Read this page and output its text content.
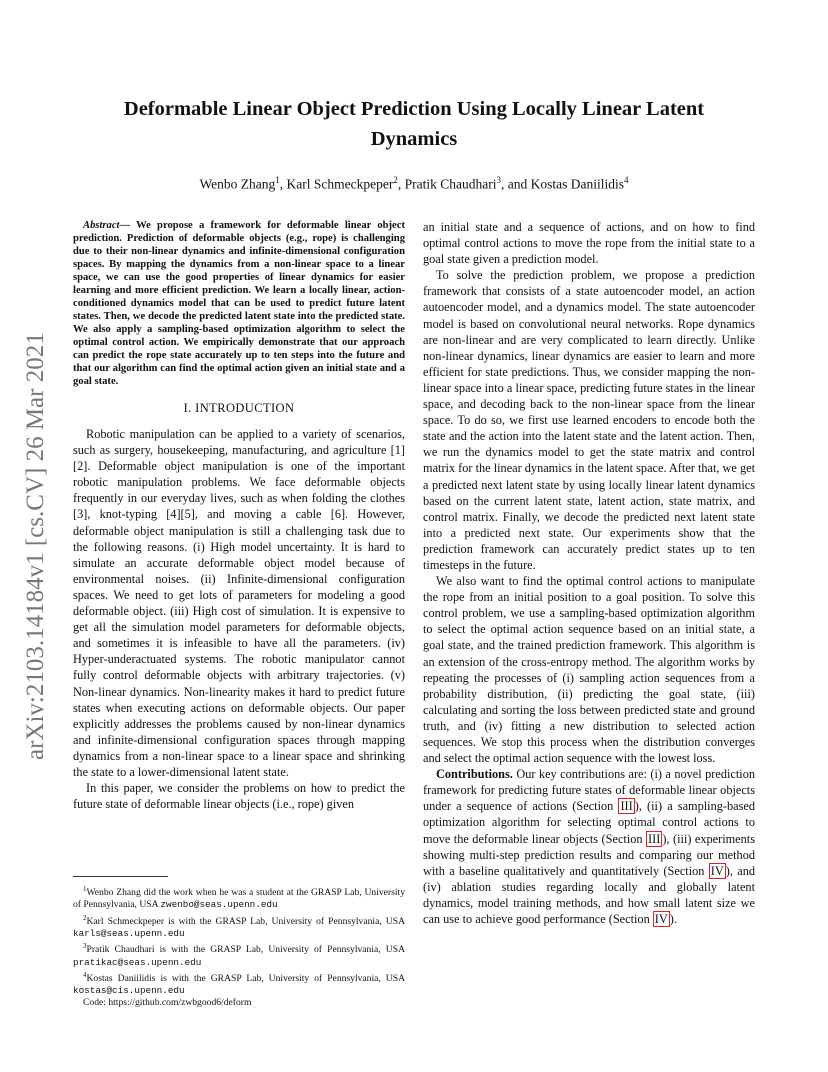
Deformable Linear Object Prediction Using Locally Linear Latent Dynamics
Wenbo Zhang$^1$, Karl Schmeckpeper$^2$, Pratik Chaudhari$^3$, and Kostas Daniilidis$^4$
arXiv:2103.14184v1 [cs.CV] 26 Mar 2021

Abstract— We propose a framework for deformable linear object prediction. Prediction of deformable objects (e.g., rope) is challenging due to their non-linear dynamics and infinite-dimensional configuration spaces. By mapping the dynamics from a non-linear space to a linear space, we can use the good properties of linear dynamics for easier learning and more efficient prediction. We learn a locally linear, action-conditioned dynamics model that can be used to predict future latent states. Then, we decode the predicted latent state into the predicted state. We also apply a sampling-based optimization algorithm to select the optimal control action. We empirically demonstrate that our approach can predict the rope state accurately up to ten steps into the future and that our algorithm can find the optimal action given an initial state and a goal state.

I. INTRODUCTION

Robotic manipulation can be applied to a variety of scenarios, such as surgery, housekeeping, manufacturing, and agriculture [1][2]. Deformable object manipulation is one of the important robotic manipulation problems. We face deformable objects frequently in our everyday lives, such as when folding the clothes [3], knot-typing [4][5], and moving a cable [6]. However, deformable object manipulation is still a challenging task due to the following reasons. (i) High model uncertainty. It is hard to simulate an accurate deformable object model because of environmental noises. (ii) Infinite-dimensional configuration spaces. We need to get lots of parameters for modeling a good deformable object. (iii) High cost of simulation. It is expensive to get all the simulation model parameters for deformable objects, and sometimes it is infeasible to have all the parameters. (iv) Hyper-underactuated systems. The robotic manipulator cannot fully control deformable objects with arbitrary trajectories. (v) Non-linear dynamics. Non-linearity makes it hard to predict future states when executing actions on deformable objects. Our paper explicitly addresses the problems caused by non-linear dynamics and infinite-dimensional configuration spaces through mapping dynamics from a non-linear space to a linear space and shrinking the state to a lower-dimensional latent state.

In this paper, we consider the problems on how to predict the future state of deformable linear objects (i.e., rope) given

$^1$Wenbo Zhang did the work when he was a student at the GRASP Lab, University of Pennsylvania, USA zwenbo@seas.upenn.edu

$^2$Karl Schmeckpeper is with the GRASP Lab, University of Pennsylvania, USA karls@seas.upenn.edu

$^3$Pratik Chaudhari is with the GRASP Lab, University of Pennsylvania, USA pratikac@seas.upenn.edu

$^4$Kostas Daniilidis is with the GRASP Lab, University of Pennsylvania, USA kostas@cis.upenn.edu

Code: https://github.com/zwbgood6/deform

an initial state and a sequence of actions, and on how to find optimal control actions to move the rope from the initial state to a goal state given a prediction model.

To solve the prediction problem, we propose a prediction framework that consists of a state autoencoder model, an action autoencoder model, and a dynamics model. The state autoencoder model is based on convolutional neural networks. Rope dynamics are non-linear and are very complicated to learn directly. Unlike non-linear dynamics, linear dynamics are easier to learn and more efficient for state predictions. Thus, we consider mapping the non-linear space into a linear space, predicting future states in the linear space, and decoding back to the non-linear space from the linear space. To do so, we first use learned encoders to encode both the state and the action into the latent state and the latent action. Then, we run the dynamics model to get the state matrix and control matrix for the linear dynamics in the latent space. After that, we get a predicted next latent state by using locally linear latent dynamics based on the current latent state, latent action, state matrix, and control matrix. Finally, we decode the predicted next latent state into a predicted next state. Our experiments show that the prediction framework can accurately predict states up to ten timesteps in the future.

We also want to find the optimal control actions to manipulate the rope from an initial position to a goal position. To solve this control problem, we use a sampling-based optimization algorithm to select the optimal action sequence based on an initial state, a goal state, and the trained prediction framework. This algorithm is an extension of the cross-entropy method. The algorithm works by repeating the processes of (i) sampling action sequences from a probability distribution, (ii) predicting the goal state, (iii) calculating and sorting the loss between predicted state and ground truth, and (iv) fitting a new distribution to selected action sequences. We stop this process when the distribution converges and select the optimal action sequence with the lowest loss.

Contributions. Our key contributions are: (i) a novel prediction framework for predicting future states of deformable linear objects under a sequence of actions (Section III ), (ii) a sampling-based optimization algorithm for selecting optimal control actions to move the deformable linear objects (Section III ), (iii) experiments showing multi-step prediction results and comparing our method with a baseline qualitatively and quantitatively (Section IV ), and (iv) ablation studies regarding locally and globally latent dynamics, model training methods, and how small latent size we can use to achieve good performance (Section IV ).
